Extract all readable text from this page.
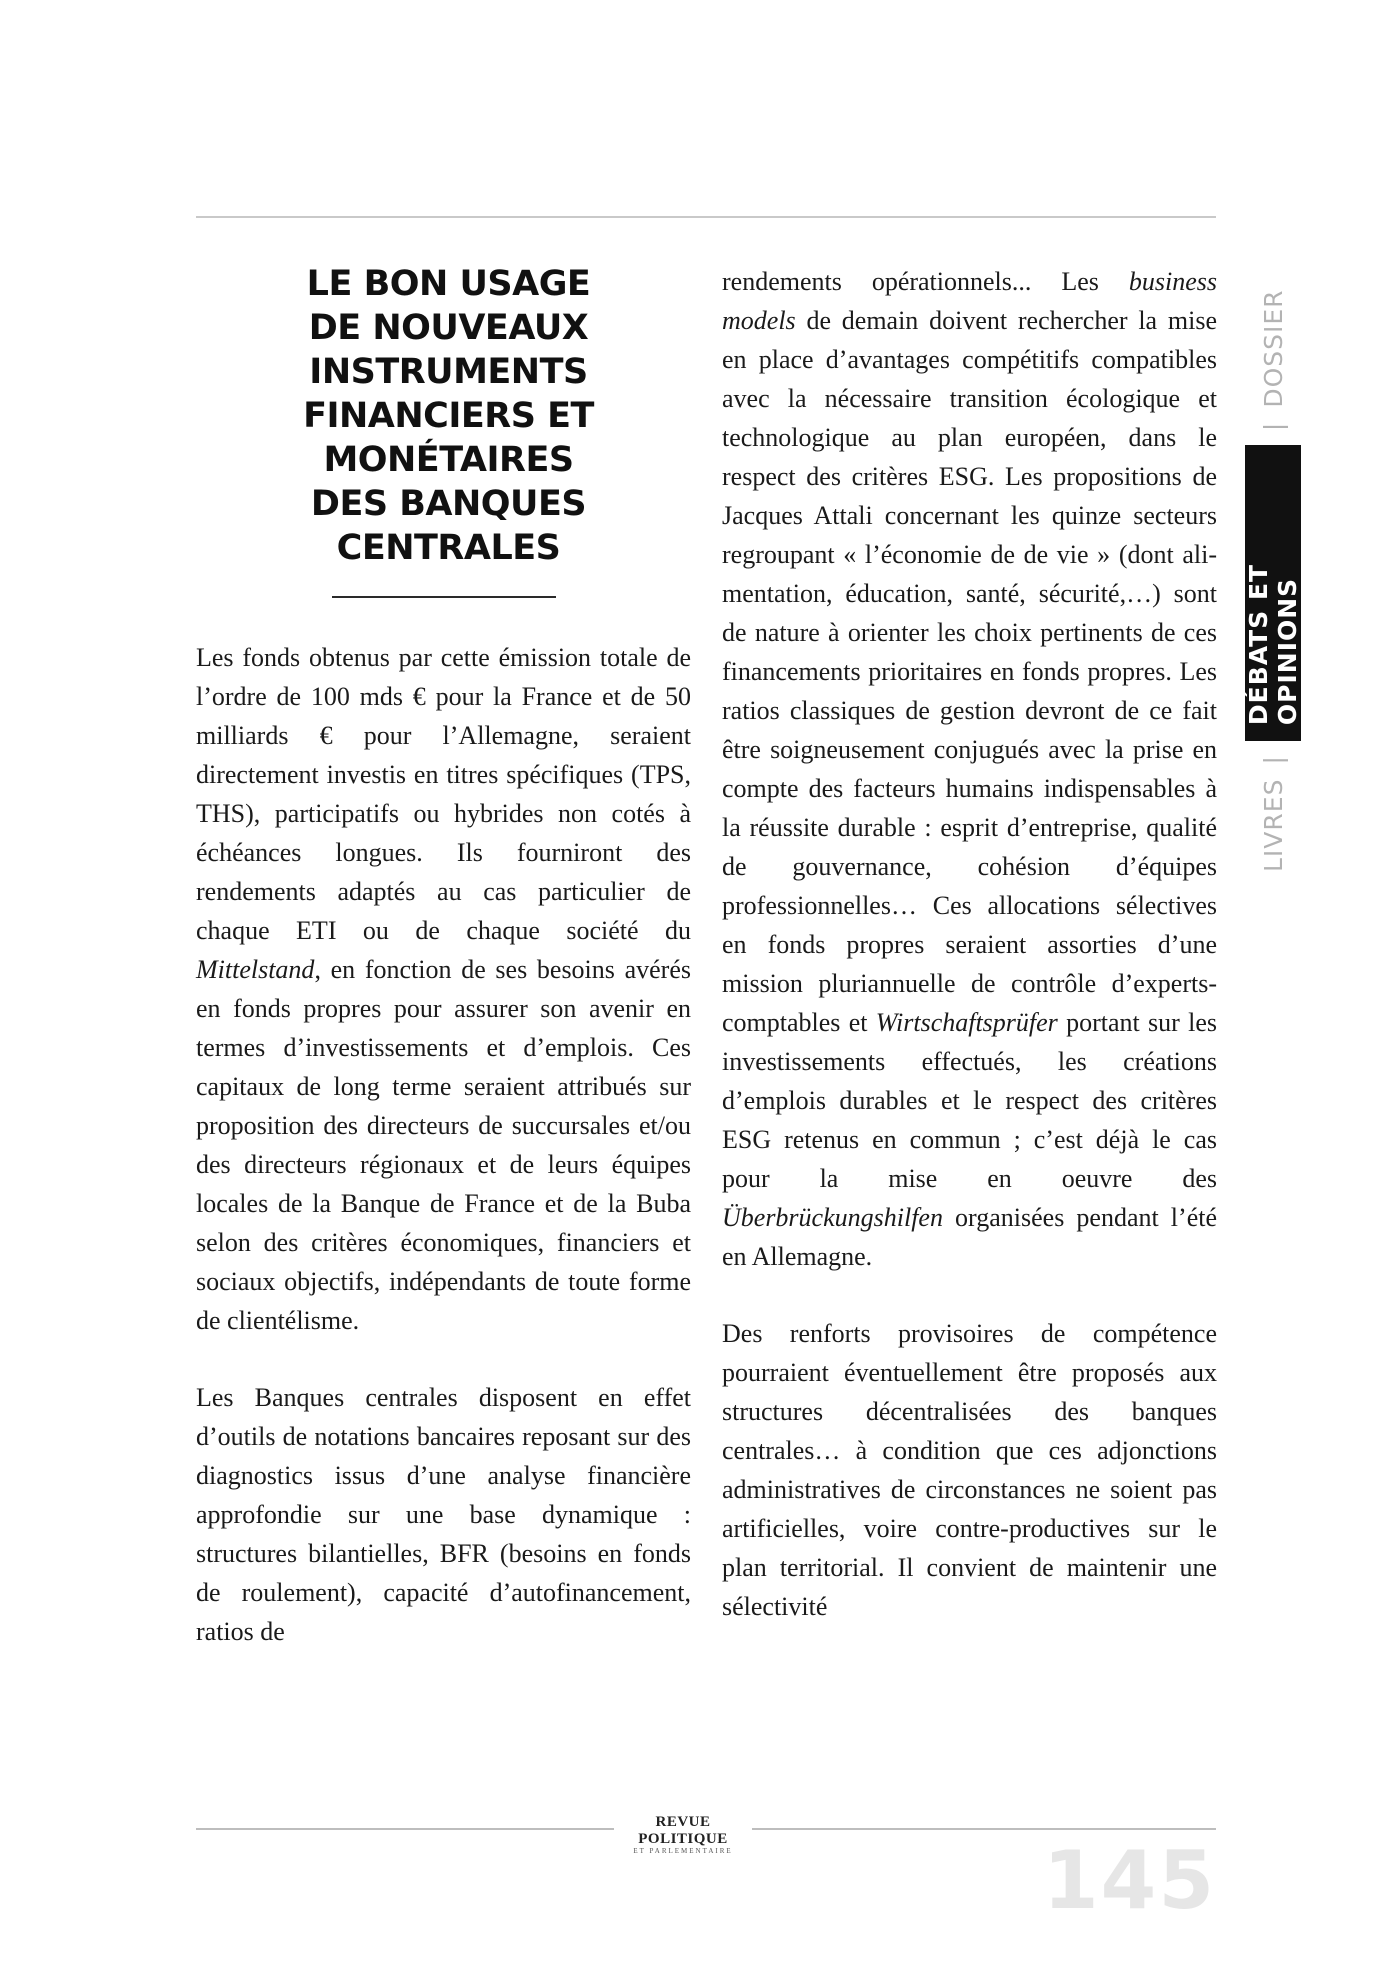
LE BON USAGE
DE NOUVEAUX
INSTRUMENTS
FINANCIERS ET
MONÉTAIRES
DES BANQUES
CENTRALES

Les fonds obtenus par cette émission totale de l’ordre de 100 mds € pour la France et de 50 milliards € pour l’Allemagne, seraient directement investis en titres spécifiques (TPS, THS), participatifs ou hybrides non cotés à échéances longues. Ils fourniront des rendements adaptés au cas particulier de chaque ETI ou de chaque société du Mittelstand, en fonction de ses besoins avérés en fonds propres pour assurer son avenir en termes d’investissements et d’emplois. Ces capitaux de long terme seraient attribués sur proposition des directeurs de succursales et/ou des directeurs régionaux et de leurs équipes locales de la Banque de France et de la Buba selon des critères économiques, financiers et sociaux objectifs, indépendants de toute forme de clientélisme.

Les Banques centrales disposent en effet d’outils de notations bancaires reposant sur des diagnostics issus d’une analyse financière approfondie sur une base dynamique : structures bilantielles, BFR (besoins en fonds de roulement), capacité d’autofinancement, ratios de

rendements opérationnels... Les business models de demain doivent rechercher la mise en place d’avantages compétitifs compatibles avec la nécessaire transition écologique et technologique au plan européen, dans le respect des critères ESG. Les propositions de Jacques Attali concernant les quinze secteurs regroupant « l’économie de de vie » (dont alimentation, éducation, santé, sécurité,…) sont de nature à orienter les choix pertinents de ces financements prioritaires en fonds propres. Les ratios classiques de gestion devront de ce fait être soigneusement conjugués avec la prise en compte des facteurs humains indispensables à la réussite durable : esprit d’entreprise, qualité de gouvernance, cohésion d’équipes professionnelles… Ces allocations sélectives en fonds propres seraient assorties d’une mission pluriannuelle de contrôle d’experts-comptables et Wirtschaftsprüfer portant sur les investissements effectués, les créations d’emplois durables et le respect des critères ESG retenus en commun ; c’est déjà le cas pour la mise en oeuvre des Überbrückungshilfen organisées pendant l’été en Allemagne.

Des renforts provisoires de compétence pourraient éventuellement être proposés aux structures décentralisées des banques centrales… à condition que ces adjonctions administratives de circonstances ne soient pas artificielles, voire contre-productives sur le plan territorial. Il convient de maintenir une sélectivité

LIVRES
|
DÉBATS ET OPINIONS
|
DOSSIER
REVUE POLITIQUE
ET PARLEMENTAIRE	145
